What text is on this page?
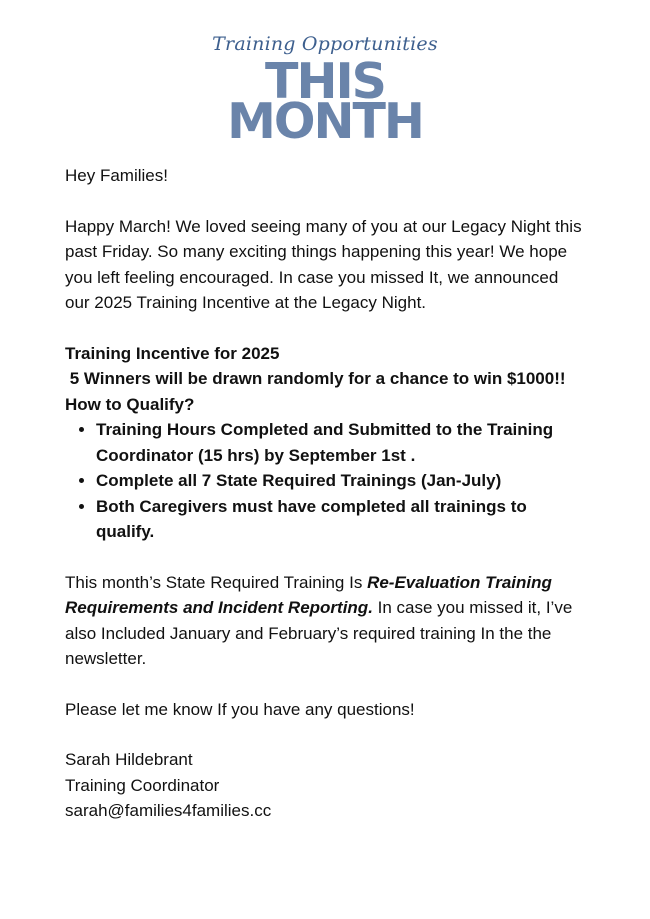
Training Opportunities
THIS
MONTH

Hey Families!

Happy March! We loved seeing many of you at our Legacy Night this past Friday. So many exciting things happening this year! We hope you left feeling encouraged. In case you missed It, we announced our 2025 Training Incentive at the Legacy Night.

Training Incentive for 2025

5 Winners will be drawn randomly for a chance to win $1000!!

How to Qualify?

• Training Hours Completed and Submitted to the Training Coordinator (15 hrs) by September 1st .
• Complete all 7 State Required Trainings (Jan-July)
• Both Caregivers must have completed all trainings to qualify.

This month’s State Required Training Is Re-Evaluation Training Requirements and Incident Reporting. In case you missed it, I’ve also Included January and February’s required training In the the newsletter.

Please let me know If you have any questions!

Sarah Hildebrant

Training Coordinator

sarah@families4families.cc
